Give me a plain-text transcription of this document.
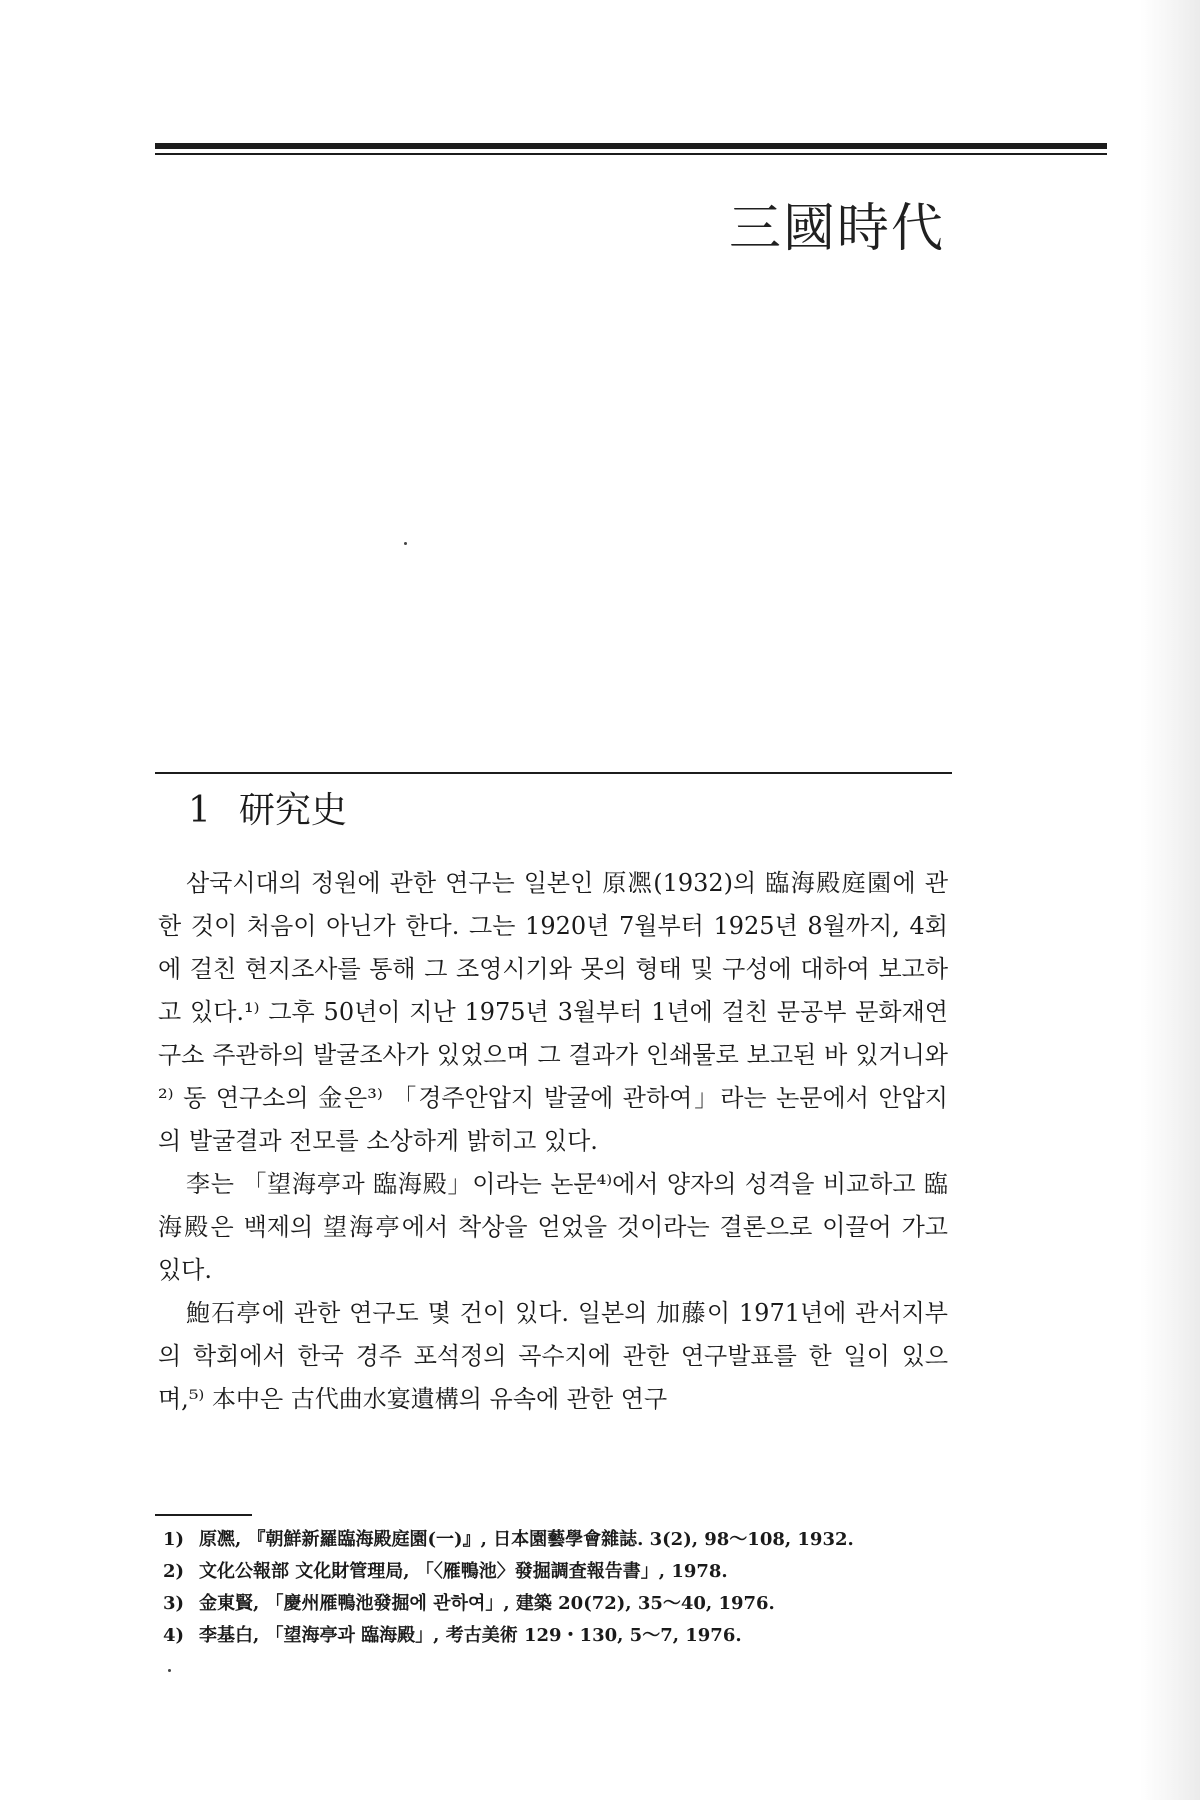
三國時代
1 研究史

삼국시대의 정원에 관한 연구는 일본인 原凞(1932)의 臨海殿庭園에 관한 것이 처음이 아닌가 한다. 그는 1920년 7월부터 1925년 8월까지, 4회에 걸친 현지조사를 통해 그 조영시기와 못의 형태 및 구성에 대하여 보고하고 있다.¹⁾ 그후 50년이 지난 1975년 3월부터 1년에 걸친 문공부 문화재연구소 주관하의 발굴조사가 있었으며 그 결과가 인쇄물로 보고된 바 있거니와²⁾ 동 연구소의 金은³⁾ 「경주안압지 발굴에 관하여」라는 논문에서 안압지의 발굴결과 전모를 소상하게 밝히고 있다.

李는 「望海亭과 臨海殿」이라는 논문⁴⁾에서 양자의 성격을 비교하고 臨海殿은 백제의 望海亭에서 착상을 얻었을 것이라는 결론으로 이끌어 가고 있다.

鮑石亭에 관한 연구도 몇 건이 있다. 일본의 加藤이 1971년에 관서지부의 학회에서 한국 경주 포석정의 곡수지에 관한 연구발표를 한 일이 있으며,⁵⁾ 本中은 古代曲水宴遺構의 유속에 관한 연구

1) 原凞, 『朝鮮新羅臨海殿庭園(一)』, 日本園藝學會雜誌. 3(2), 98～108, 1932.
2) 文化公報部 文化財管理局, 「〈雁鴨池〉發掘調査報告書」, 1978.
3) 金東賢, 「慶州雁鴨池發掘에 관하여」, 建築 20(72), 35～40, 1976.
4) 李基白, 「望海亭과 臨海殿」, 考古美術 129・130, 5～7, 1976.
